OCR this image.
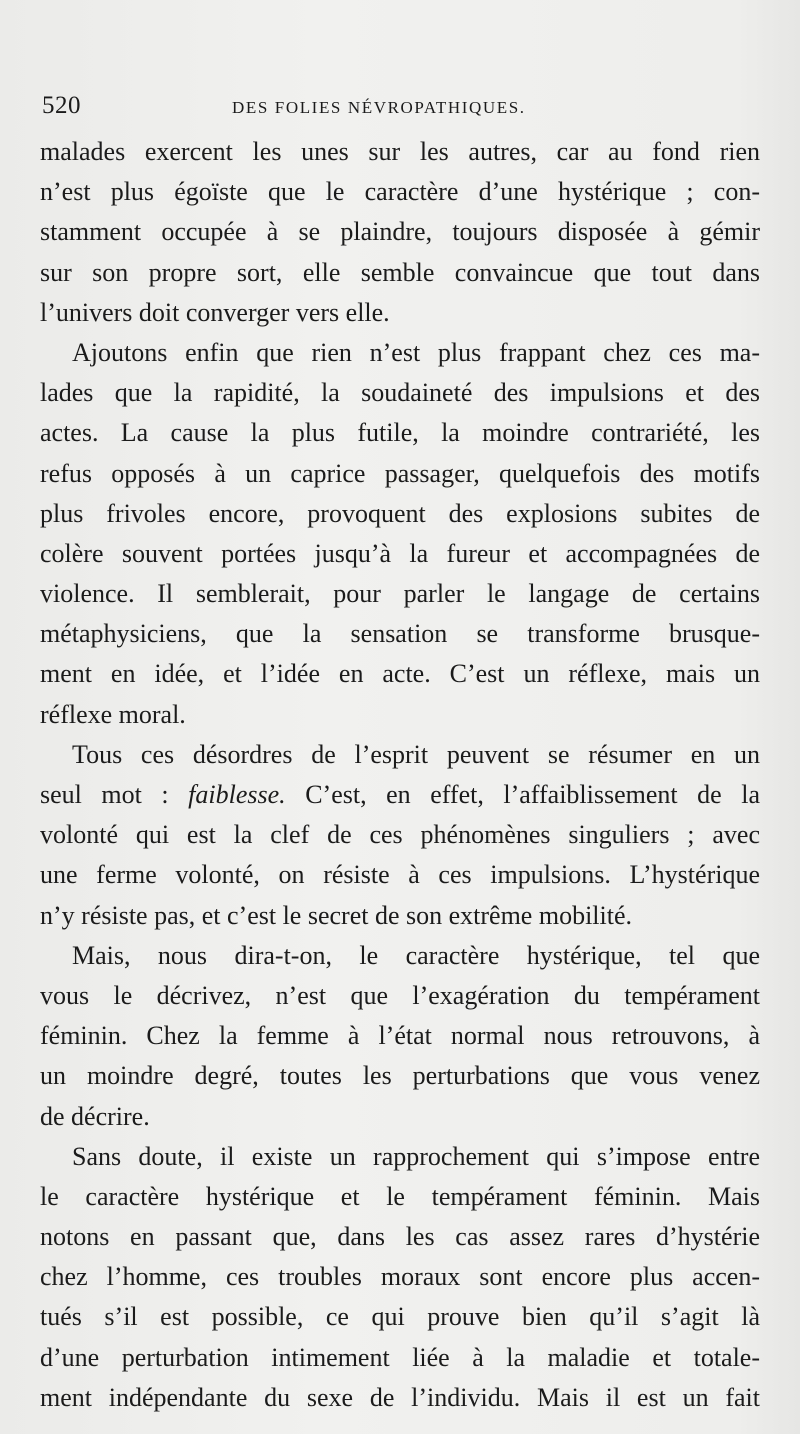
520	DES FOLIES NÉVROPATHIQUES.
malades exercent les unes sur les autres, car au fond rien
n’est plus égoïste que le caractère d’une hystérique ; con-
stamment occupée à se plaindre, toujours disposée à gémir
sur son propre sort, elle semble convaincue que tout dans
l’univers doit converger vers elle.
Ajoutons enfin que rien n’est plus frappant chez ces ma-
lades que la rapidité, la soudaineté des impulsions et des
actes. La cause la plus futile, la moindre contrariété, les
refus opposés à un caprice passager, quelquefois des motifs
plus frivoles encore, provoquent des explosions subites de
colère souvent portées jusqu’à la fureur et accompagnées de
violence. Il semblerait, pour parler le langage de certains
métaphysiciens, que la sensation se transforme brusque-
ment en idée, et l’idée en acte. C’est un réflexe, mais un
réflexe moral.
Tous ces désordres de l’esprit peuvent se résumer en un
seul mot : faiblesse. C’est, en effet, l’affaiblissement de la
volonté qui est la clef de ces phénomènes singuliers ; avec
une ferme volonté, on résiste à ces impulsions. L’hystérique
n’y résiste pas, et c’est le secret de son extrême mobilité.
Mais, nous dira-t-on, le caractère hystérique, tel que
vous le décrivez, n’est que l’exagération du tempérament
féminin. Chez la femme à l’état normal nous retrouvons, à
un moindre degré, toutes les perturbations que vous venez
de décrire.
Sans doute, il existe un rapprochement qui s’impose entre
le caractère hystérique et le tempérament féminin. Mais
notons en passant que, dans les cas assez rares d’hystérie
chez l’homme, ces troubles moraux sont encore plus accen-
tués s’il est possible, ce qui prouve bien qu’il s’agit là
d’une perturbation intimement liée à la maladie et totale-
ment indépendante du sexe de l’individu. Mais il est un fait
